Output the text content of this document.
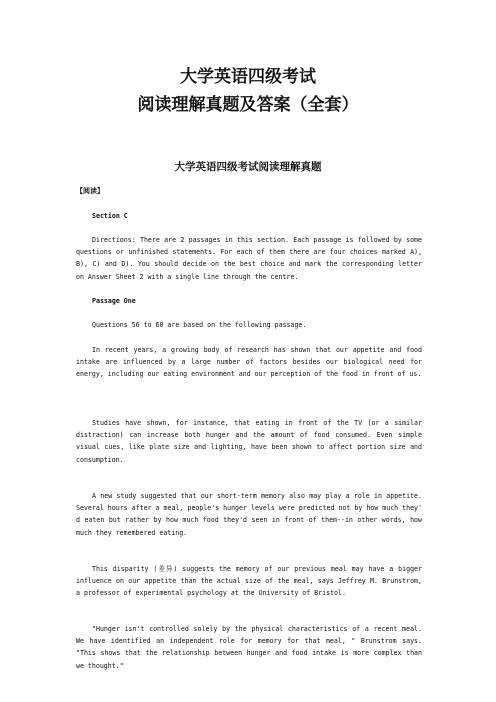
大学英语四级考试
阅读理解真题及答案（全套）
大学英语四级考试阅读理解真题

【阅读】

Section C

Directions: There are 2 passages in this section. Each passage is followed by some questions or unfinished statements. For each of them there are four choices marked A), B), C) and D). You should decide on the best choice and mark the corresponding letter on Answer Sheet 2 with a single line through the centre.

Passage One

Questions 56 to 60 are based on the following passage.

In recent years, a growing body of research has shown that our appetite and food intake are influenced by a large number of factors besides our biological need for energy, including our eating environment and our perception of the food in front of us.

Studies have shown, for instance, that eating in front of the TV (or a similar distraction) can increase both hunger and the amount of food consumed. Even simple visual cues, like plate size and lighting, have been shown to affect portion size and consumption.

A new study suggested that our short-term memory also may play a role in appetite. Several hours after a meal, people's hunger levels were predicted not by how much they' d eaten but rather by how much food they'd seen in front of them--in other words, how much they remembered eating.

This disparity (差异) suggests the memory of our previous meal may have a bigger influence on our appetite than the actual size of the meal, says Jeffrey M. Brunstrom, a professor of experimental psychology at the University of Bristol.

"Hunger isn't controlled solely by the physical characteristics of a recent meal. We have identified an independent role for memory for that meal, " Brunstrom says. "This shows that the relationship between hunger and food intake is more complex than we thought."
